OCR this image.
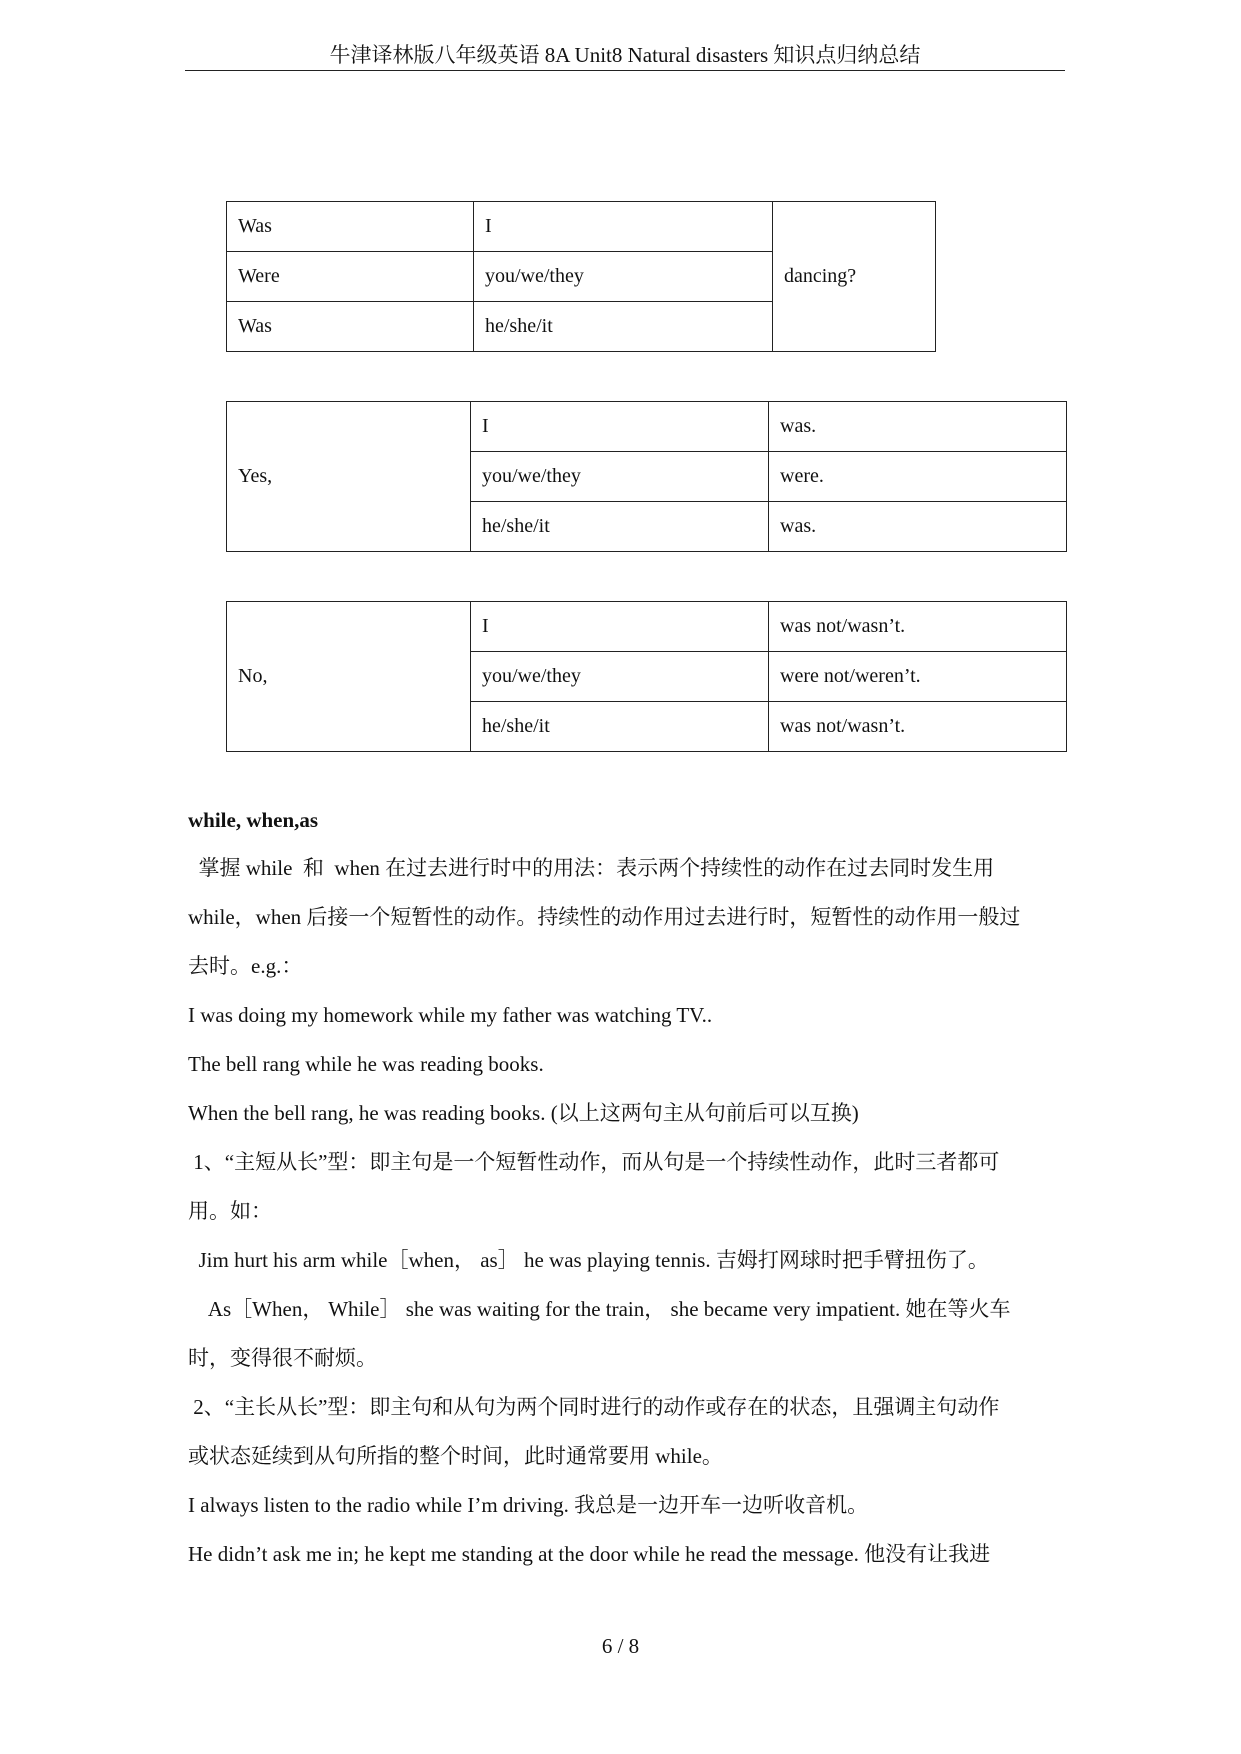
牛津译林版八年级英语 8A Unit8 Natural disasters 知识点归纳总结
Was	I	dancing?
Were	you/we/they	
Was	he/she/it	
Yes,	I	was.
	you/we/they	were.
	he/she/it	was.
No,	I	was not/wasn’t.
	you/we/they	were not/weren’t.
	he/she/it	was not/wasn’t.
while, when,as
掌握 while  和  when 在过去进行时中的用法：表示两个持续性的动作在过去同时发生用
while，when 后接一个短暂性的动作。持续性的动作用过去进行时，短暂性的动作用一般过
去时。e.g.：
I was doing my homework while my father was watching TV..
The bell rang while he was reading books.
When the bell rang, he was reading books. (以上这两句主从句前后可以互换)
1、“主短从长”型：即主句是一个短暂性动作，而从句是一个持续性动作，此时三者都可
用。如：
Jim hurt his arm while［when， as］ he was playing tennis. 吉姆打网球时把手臂扭伤了。
As［When， While］ she was waiting for the train， she became very impatient. 她在等火车
时，变得很不耐烦。
2、“主长从长”型：即主句和从句为两个同时进行的动作或存在的状态，且强调主句动作
或状态延续到从句所指的整个时间，此时通常要用 while。
I always listen to the radio while I’m driving. 我总是一边开车一边听收音机。
He didn’t ask me in; he kept me standing at the door while he read the message. 他没有让我进
6 / 8
